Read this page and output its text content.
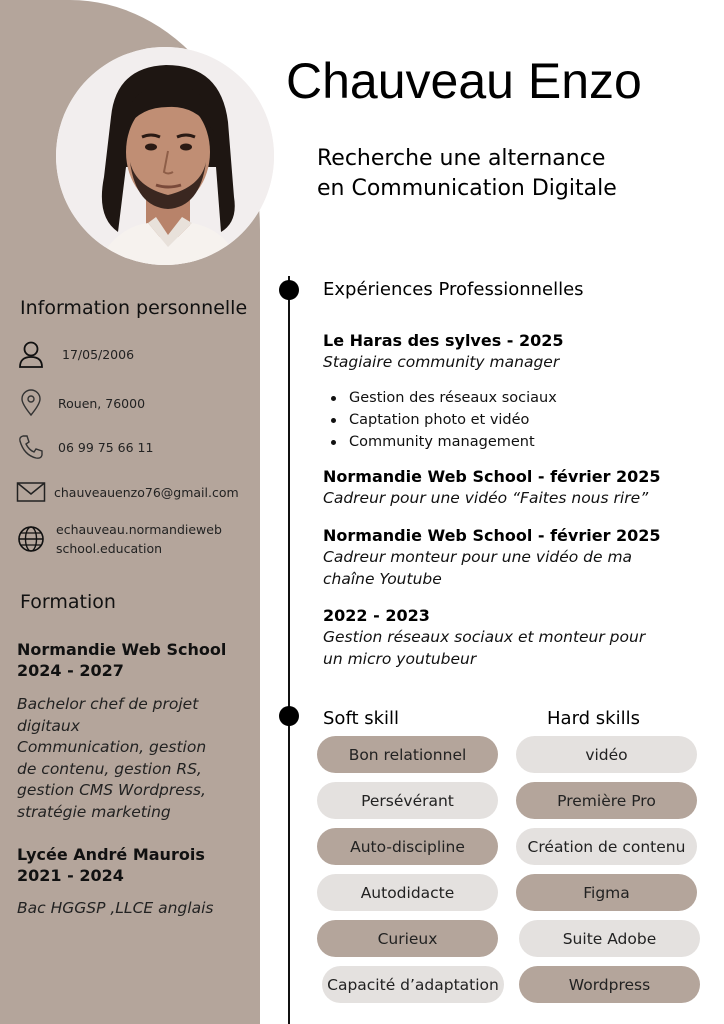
Chauveau Enzo
Recherche une alternance
en Communication Digitale
Information personnelle
17/05/2006
Rouen, 76000
06 99 75 66 11
chauveauenzo76@gmail.com
echauveau.normandieweb
school.education
Formation
Normandie Web School
2024 - 2027
Bachelor chef de projet
digitaux
Communication, gestion
de contenu, gestion RS,
gestion CMS Wordpress,
stratégie marketing
Lycée André Maurois
2021 - 2024
Bac HGGSP ,LLCE anglais
Expériences Professionnelles
Le Haras des sylves - 2025
Stagiaire community manager
Gestion des réseaux sociaux
Captation photo et vidéo
Community management
Normandie Web School - février 2025
Cadreur pour une vidéo “Faites nous rire”
Normandie Web School - février 2025
Cadreur monteur pour une vidéo de ma
chaîne Youtube
2022 - 2023
Gestion réseaux sociaux et monteur pour
un micro youtubeur
Soft skill	Hard skills
Bon relationnel
Persévérant
Auto-discipline
Autodidacte
Curieux
Capacité d’adaptation
vidéo
Première Pro
Création de contenu
Figma
Suite Adobe
Wordpress
